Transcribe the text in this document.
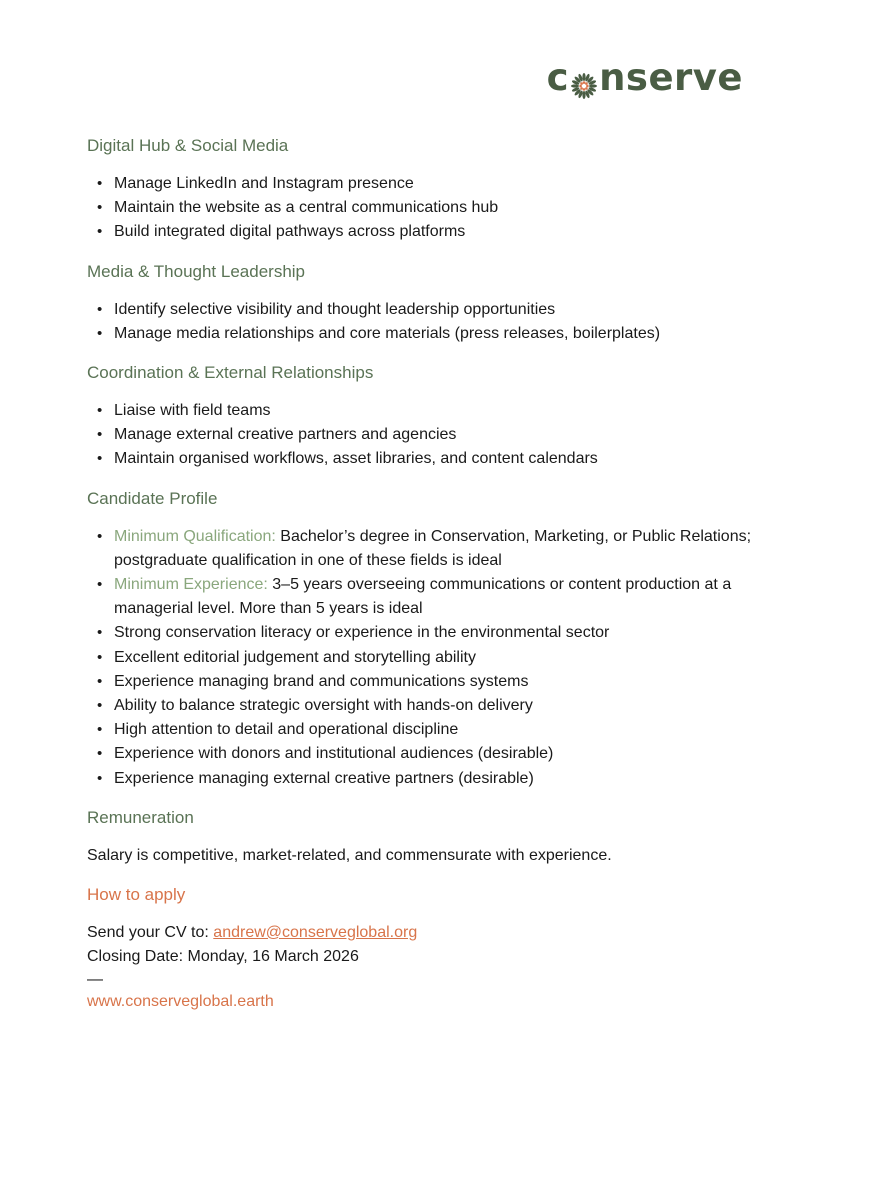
c nserve
Digital Hub & Social Media
• Manage LinkedIn and Instagram presence
• Maintain the website as a central communications hub
• Build integrated digital pathways across platforms
Media & Thought Leadership
• Identify selective visibility and thought leadership opportunities
• Manage media relationships and core materials (press releases, boilerplates)
Coordination & External Relationships
• Liaise with field teams
• Manage external creative partners and agencies
• Maintain organised workflows, asset libraries, and content calendars
Candidate Profile
• Minimum Qualification: Bachelor’s degree in Conservation, Marketing, or Public Relations; postgraduate qualification in one of these fields is ideal
• Minimum Experience: 3–5 years overseeing communications or content production at a managerial level. More than 5 years is ideal
• Strong conservation literacy or experience in the environmental sector
• Excellent editorial judgement and storytelling ability
• Experience managing brand and communications systems
• Ability to balance strategic oversight with hands-on delivery
• High attention to detail and operational discipline
• Experience with donors and institutional audiences (desirable)
• Experience managing external creative partners (desirable)
Remuneration

Salary is competitive, market-related, and commensurate with experience.

How to apply

Send your CV to: andrew@conserveglobal.org

Closing Date: Monday, 16 March 2026

—
www.conserveglobal.earth
